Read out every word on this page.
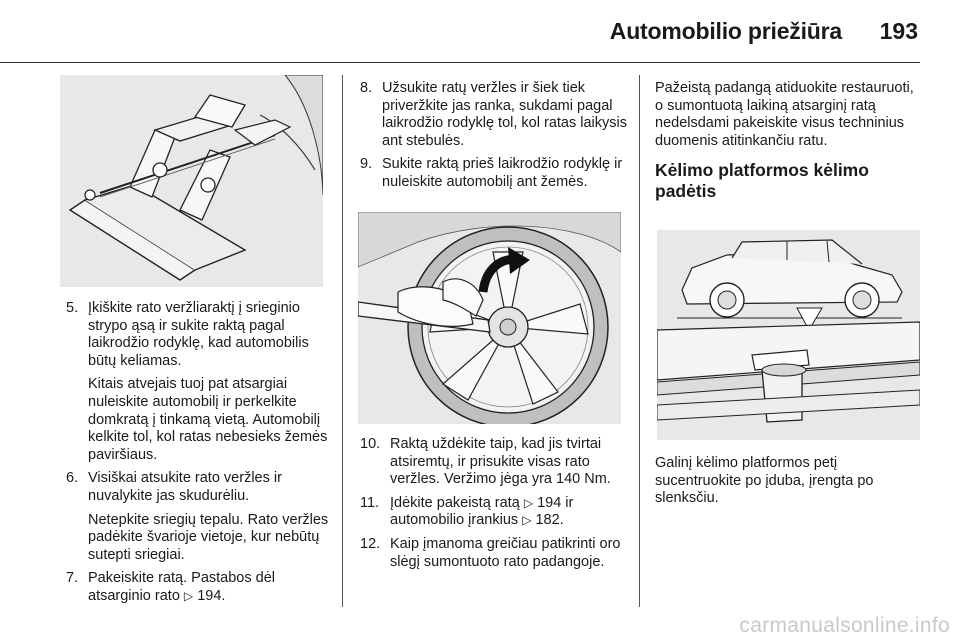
Automobilio priežiūra 193
5. Įkiškite rato veržliaraktį į srieginio strypo ąsą ir sukite raktą pagal laikrodžio rodyklę, kad automobilis būtų keliamas.

Kitais atvejais tuoj pat atsargiai nuleiskite automobilį ir perkelkite domkratą į tinkamą vietą. Automobilį kelkite tol, kol ratas nebesieks žemės paviršiaus.

6. Visiškai atsukite rato veržles ir nuvalykite jas skudurėliu.

Netepkite sriegių tepalu. Rato veržles padėkite švarioje vietoje, kur nebūtų sutepti sriegiai.

7. Pakeiskite ratą. Pastabos dėl atsarginio rato ▷ 194.

8. Užsukite ratų veržles ir šiek tiek priveržkite jas ranka, sukdami pagal laikrodžio rodyklę tol, kol ratas laikysis ant stebulės.

9. Sukite raktą prieš laikrodžio rodyklę ir nuleiskite automobilį ant žemės.

10. Raktą uždėkite taip, kad jis tvirtai atsiremtų, ir prisukite visas rato veržles. Veržimo jėga yra 140 Nm.

11. Įdėkite pakeistą ratą ▷ 194 ir automobilio įrankius ▷ 182.

12. Kaip įmanoma greičiau patikrinti oro slėgį sumontuoto rato padangoje.

Pažeistą padangą atiduokite restauruoti, o sumontuotą laikiną atsarginį ratą nedelsdami pakeiskite visus techninius duomenis atitinkančiu ratu.

Kėlimo platformos kėlimo padėtis

Galinį kėlimo platformos petį sucentruokite po įduba, įrengta po slenksčiu.

carmanualsonline.info
